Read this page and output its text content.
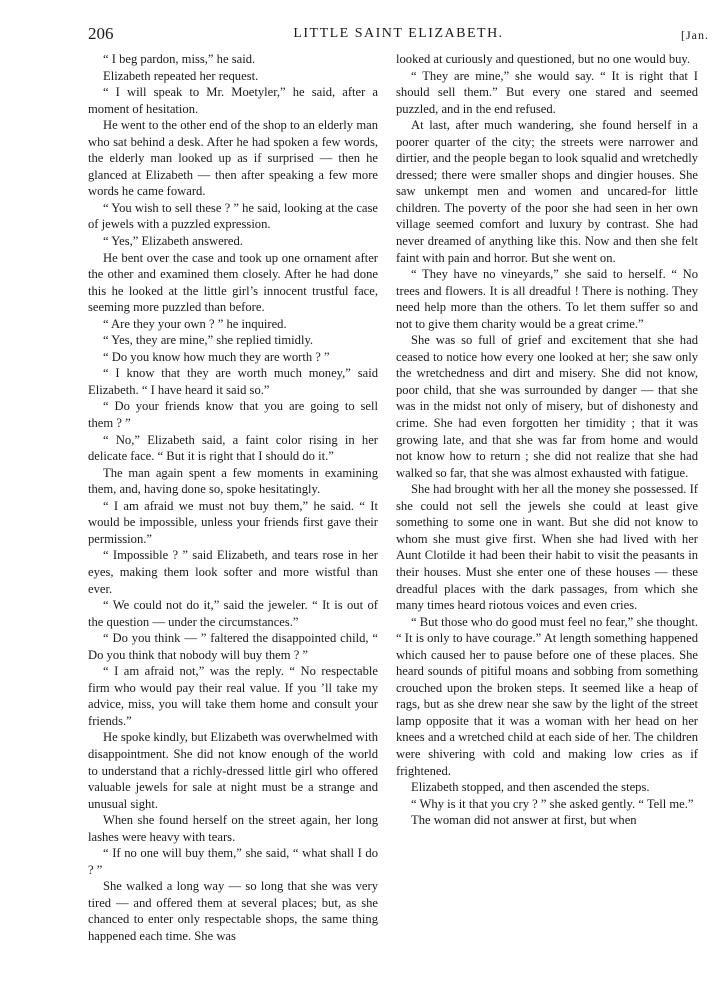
206	LITTLE SAINT ELIZABETH.	[Jan.

“ I beg pardon, miss,” he said.

Elizabeth repeated her request.

“ I will speak to Mr. Moetyler,” he said, after a moment of hesitation.

He went to the other end of the shop to an elderly man who sat behind a desk. After he had spoken a few words, the elderly man looked up as if surprised — then he glanced at Elizabeth — then after speaking a few more words he came foward.

“ You wish to sell these ? ” he said, looking at the case of jewels with a puzzled expression.

“ Yes,” Elizabeth answered.

He bent over the case and took up one ornament after the other and examined them closely. After he had done this he looked at the little girl’s innocent trustful face, seeming more puzzled than before.

“ Are they your own ? ” he inquired.

“ Yes, they are mine,” she replied timidly.

“ Do you know how much they are worth ? ”

“ I know that they are worth much money,” said Elizabeth. “ I have heard it said so.”

“ Do your friends know that you are going to sell them ? ”

“ No,” Elizabeth said, a faint color rising in her delicate face. “ But it is right that I should do it.”

The man again spent a few moments in examining them, and, having done so, spoke hesitatingly.

“ I am afraid we must not buy them,” he said. “ It would be impossible, unless your friends first gave their permission.”

“ Impossible ? ” said Elizabeth, and tears rose in her eyes, making them look softer and more wistful than ever.

“ We could not do it,” said the jeweler. “ It is out of the question — under the circumstances.”

“ Do you think — ” faltered the disappointed child, “ Do you think that nobody will buy them ? ”

“ I am afraid not,” was the reply. “ No respectable firm who would pay their real value. If you ’ll take my advice, miss, you will take them home and consult your friends.”

He spoke kindly, but Elizabeth was overwhelmed with disappointment. She did not know enough of the world to understand that a richly-dressed little girl who offered valuable jewels for sale at night must be a strange and unusual sight.

When she found herself on the street again, her long lashes were heavy with tears.

“ If no one will buy them,” she said, “ what shall I do ? ”

She walked a long way — so long that she was very tired — and offered them at several places; but, as she chanced to enter only respectable shops, the same thing happened each time. She was

looked at curiously and questioned, but no one would buy.

“ They are mine,” she would say. “ It is right that I should sell them.” But every one stared and seemed puzzled, and in the end refused.

At last, after much wandering, she found herself in a poorer quarter of the city; the streets were narrower and dirtier, and the people began to look squalid and wretchedly dressed; there were smaller shops and dingier houses. She saw unkempt men and women and uncared-for little children. The poverty of the poor she had seen in her own village seemed comfort and luxury by contrast. She had never dreamed of anything like this. Now and then she felt faint with pain and horror. But she went on.

“ They have no vineyards,” she said to herself. “ No trees and flowers. It is all dreadful ! There is nothing. They need help more than the others. To let them suffer so and not to give them charity would be a great crime.”

She was so full of grief and excitement that she had ceased to notice how every one looked at her; she saw only the wretchedness and dirt and misery. She did not know, poor child, that she was surrounded by danger — that she was in the midst not only of misery, but of dishonesty and crime. She had even forgotten her timidity ; that it was growing late, and that she was far from home and would not know how to return ; she did not realize that she had walked so far, that she was almost exhausted with fatigue.

She had brought with her all the money she possessed. If she could not sell the jewels she could at least give something to some one in want. But she did not know to whom she must give first. When she had lived with her Aunt Clotilde it had been their habit to visit the peasants in their houses. Must she enter one of these houses — these dreadful places with the dark passages, from which she many times heard riotous voices and even cries.

“ But those who do good must feel no fear,” she thought. “ It is only to have courage.” At length something happened which caused her to pause before one of these places. She heard sounds of pitiful moans and sobbing from something crouched upon the broken steps. It seemed like a heap of rags, but as she drew near she saw by the light of the street lamp opposite that it was a woman with her head on her knees and a wretched child at each side of her. The children were shivering with cold and making low cries as if frightened.

Elizabeth stopped, and then ascended the steps.

“ Why is it that you cry ? ” she asked gently. “ Tell me.”

The woman did not answer at first, but when
